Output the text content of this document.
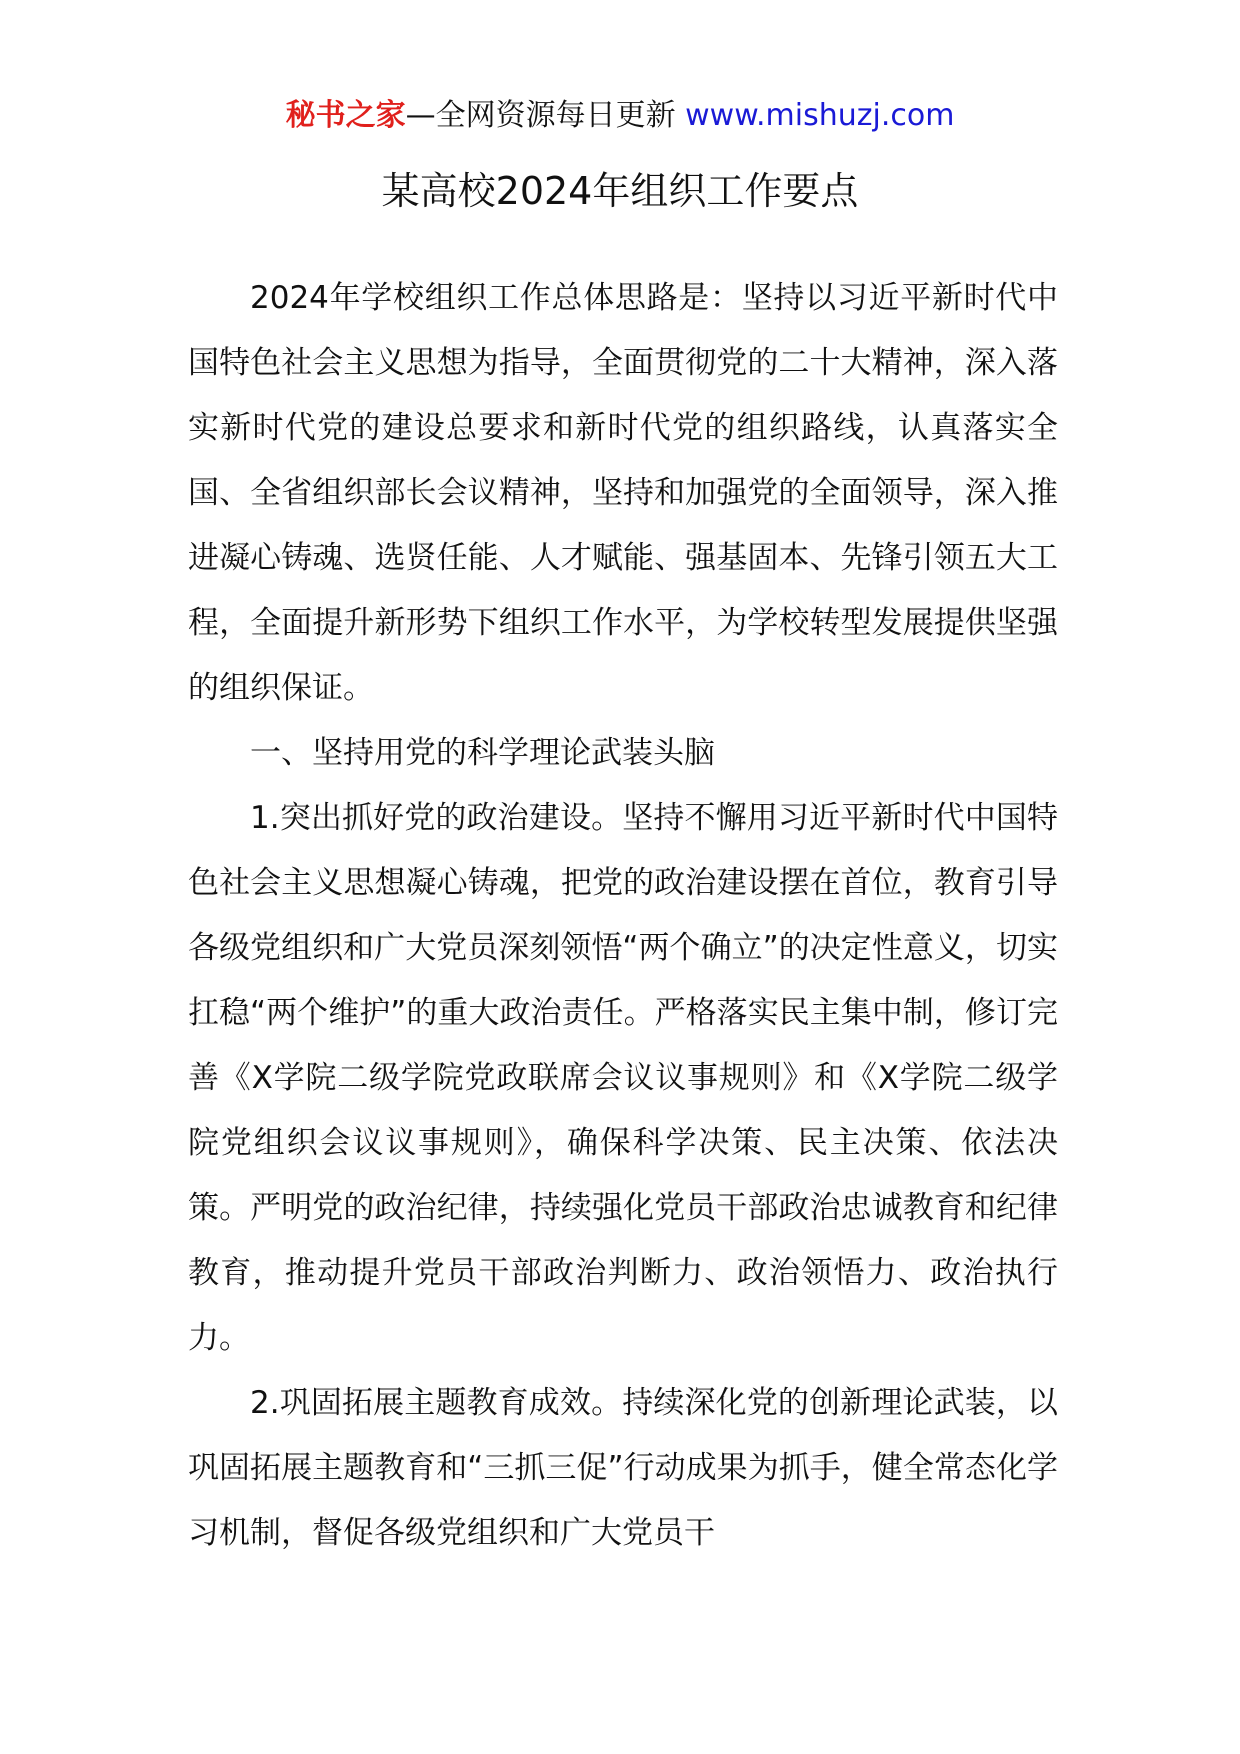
秘书之家—全网资源每日更新 www.mishuzj.com
某高校2024年组织工作要点

2024年学校组织工作总体思路是：坚持以习近平新时代中国特色社会主义思想为指导，全面贯彻党的二十大精神，深入落实新时代党的建设总要求和新时代党的组织路线，认真落实全国、全省组织部长会议精神，坚持和加强党的全面领导，深入推进凝心铸魂、选贤任能、人才赋能、强基固本、先锋引领五大工程，全面提升新形势下组织工作水平，为学校转型发展提供坚强的组织保证。

一、坚持用党的科学理论武装头脑

1.突出抓好党的政治建设。坚持不懈用习近平新时代中国特色社会主义思想凝心铸魂，把党的政治建设摆在首位，教育引导各级党组织和广大党员深刻领悟“两个确立”的决定性意义，切实扛稳“两个维护”的重大政治责任。严格落实民主集中制，修订完善《X学院二级学院党政联席会议议事规则》和《X学院二级学院党组织会议议事规则》，确保科学决策、民主决策、依法决策。严明党的政治纪律，持续强化党员干部政治忠诚教育和纪律教育，推动提升党员干部政治判断力、政治领悟力、政治执行力。

2.巩固拓展主题教育成效。持续深化党的创新理论武装，以巩固拓展主题教育和“三抓三促”行动成果为抓手，健全常态化学习机制，督促各级党组织和广大党员干
